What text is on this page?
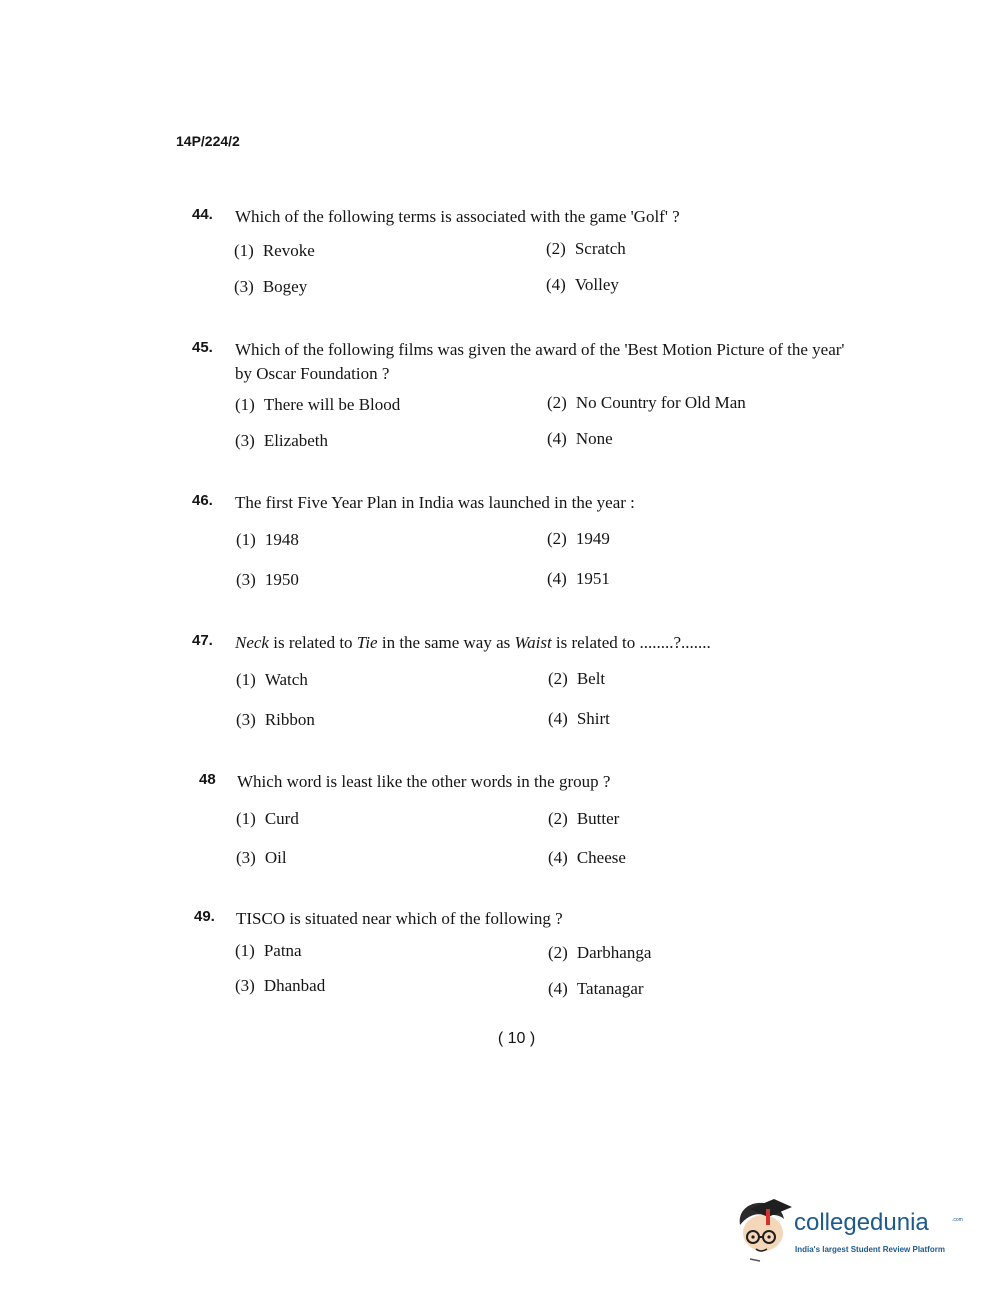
14P/224/2
44. Which of the following terms is associated with the game 'Golf' ?
(1) Revoke	(2) Scratch
(3) Bogey	(4) Volley
45. Which of the following films was given the award of the 'Best Motion Picture of the year' by Oscar Foundation ?
(1) There will be Blood	(2) No Country for Old Man
(3) Elizabeth	(4) None
46. The first Five Year Plan in India was launched in the year :
(1) 1948	(2) 1949
(3) 1950	(4) 1951
47. Neck is related to Tie in the same way as Waist is related to ........?.......
(1) Watch	(2) Belt
(3) Ribbon	(4) Shirt
48 Which word is least like the other words in the group ?
(1) Curd	(2) Butter
(3) Oil	(4) Cheese
49. TISCO is situated near which of the following ?
(1) Patna	(2) Darbhanga
(3) Dhanbad	(4) Tatanagar
( 10 )
collegedunia	.com
India's largest Student Review Platform
